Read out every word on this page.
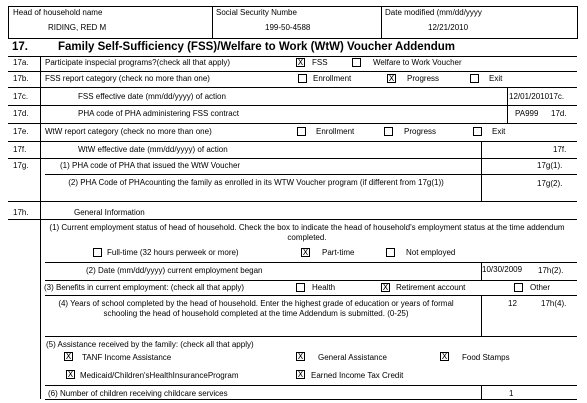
Head of household name
RIDING, RED M
Social Security Numbe
199-50-4588
Date modified (mm/dd/yyyy
12/21/2010
17.	Family Self-Sufficiency (FSS)/Welfare to Work (WtW) Voucher Addendum
17a. Participate inspecial programs?(check all that apply)	X FSS	Welfare to Work Voucher
17b. FSS report category (check no more than one)	Enrollment	X Progress	Exit
17c.	FSS effective date (mm/dd/yyyy) of action	12/01/2010 17c.
17d.	PHA code of PHA administering FSS contract	PA999 17d.
17e. WtW report category (check no more than one)	Enrollment	Progress	Exit
17f.	WtW effective date (mm/dd/yyyy) of action	17f.
17g.	(1) PHA code of PHA that issued the WtW Voucher	17g(1).
(2) PHA Code of PHAcounting the family as enrolled in its WTW Voucher program (if different from 17g(1))	17g(2).
17h.	General Information
(1) Current employment status of head of household. Check the box to indicate the head of household's employment status at the time addendum completed.
Full-time (32 hours perweek or more)	X Part-time	Not employed
(2) Date (mm/dd/yyyy) current employment began	10/30/2009 17h(2).
(3) Benefits in current employment: (check all that apply)	Health	X Retirement account	Other
(4) Years of school completed by the head of household. Enter the highest grade of education or years of formal schooling the head of household completed at the time Addendum is submitted. (0-25)
12	17h(4).
(5) Assistance received by the family: (check all that apply)
X TANF Income Assistance	X General Assistance	X Food Stamps
X Medicaid/Children'sHealthInsuranceProgram	X Earned Income Tax Credit
(6) Number of children receiving childcare services	1
